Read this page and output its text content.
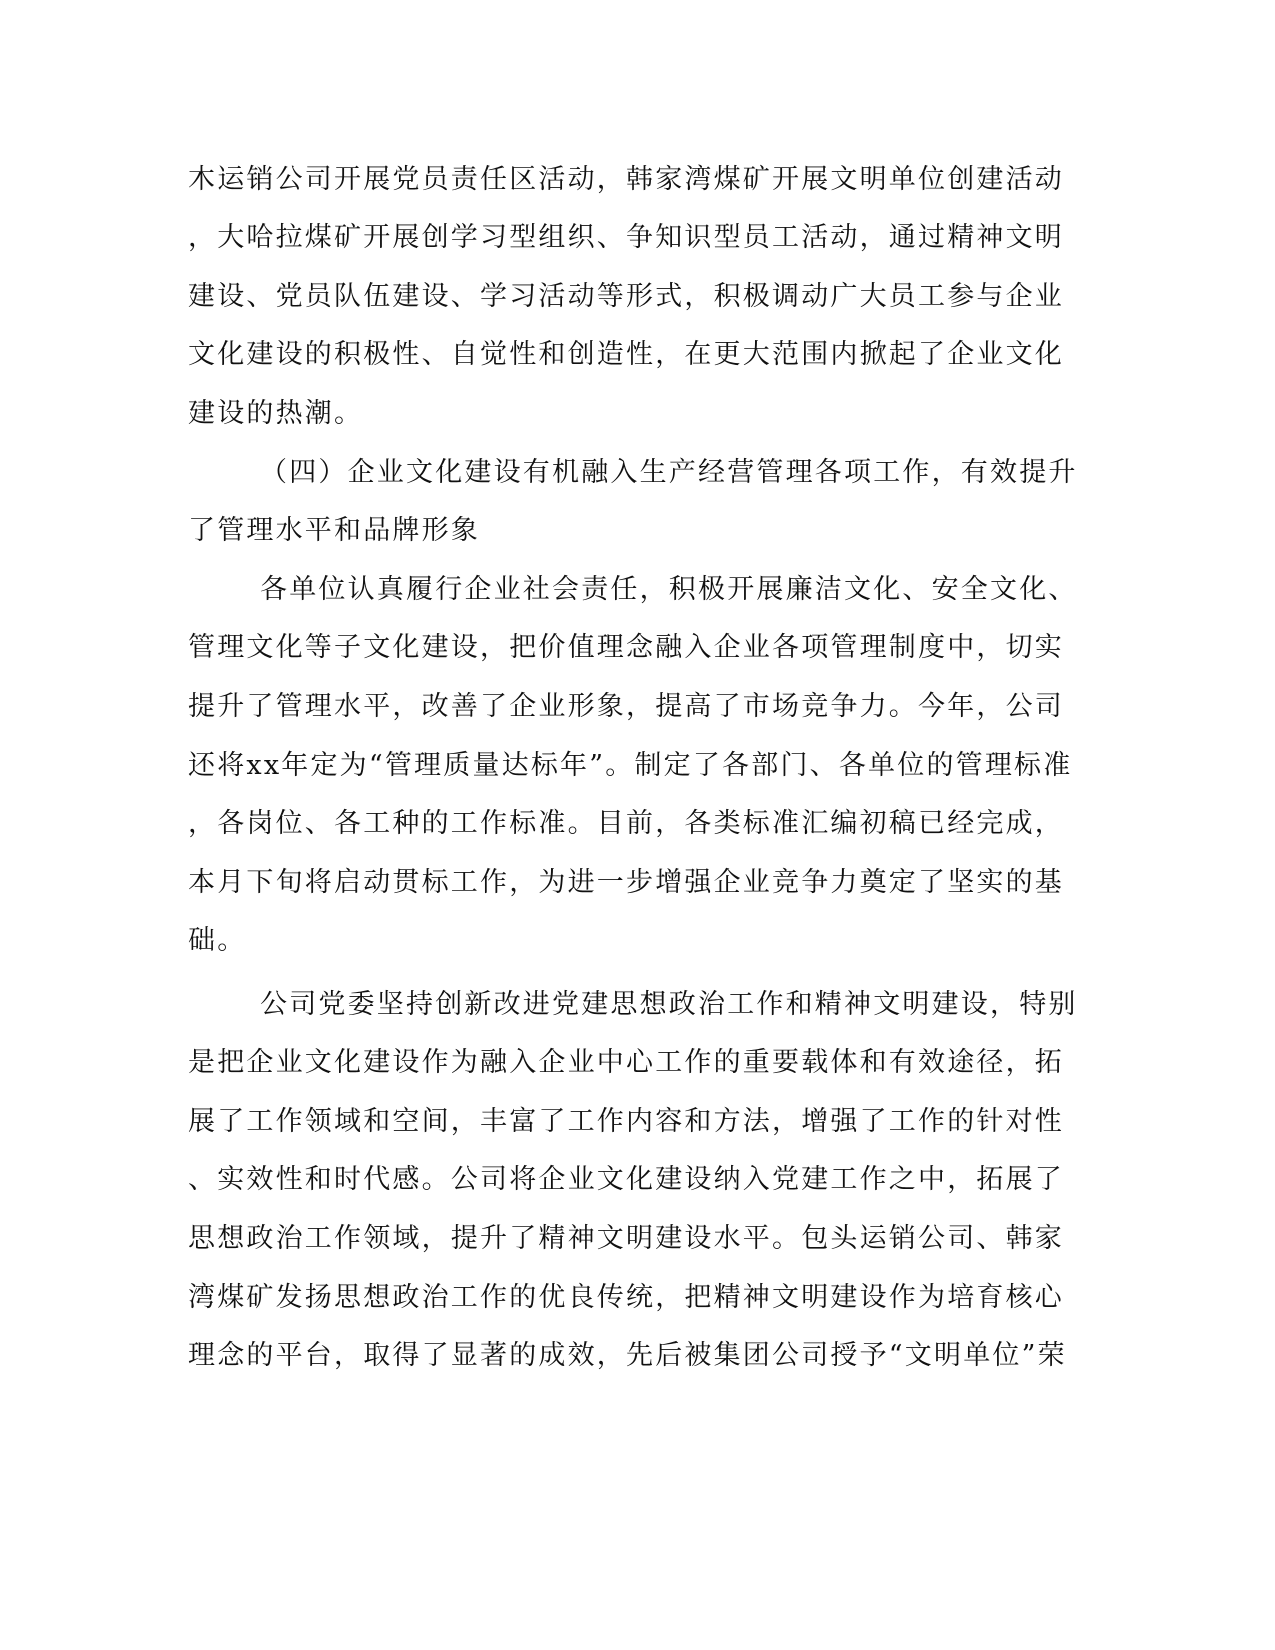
木运销公司开展党员责任区活动，韩家湾煤矿开展文明单位创建活动
，大哈拉煤矿开展创学习型组织、争知识型员工活动，通过精神文明
建设、党员队伍建设、学习活动等形式，积极调动广大员工参与企业
文化建设的积极性、自觉性和创造性，在更大范围内掀起了企业文化
建设的热潮。
（四）企业文化建设有机融入生产经营管理各项工作，有效提升
了管理水平和品牌形象
各单位认真履行企业社会责任，积极开展廉洁文化、安全文化、
管理文化等子文化建设，把价值理念融入企业各项管理制度中，切实
提升了管理水平，改善了企业形象，提高了市场竞争力。今年，公司
还将xx年定为“管理质量达标年”。制定了各部门、各单位的管理标准
，各岗位、各工种的工作标准。目前，各类标准汇编初稿已经完成，
本月下旬将启动贯标工作，为进一步增强企业竞争力奠定了坚实的基
础。
公司党委坚持创新改进党建思想政治工作和精神文明建设，特别
是把企业文化建设作为融入企业中心工作的重要载体和有效途径，拓
展了工作领域和空间，丰富了工作内容和方法，增强了工作的针对性
、实效性和时代感。公司将企业文化建设纳入党建工作之中，拓展了
思想政治工作领域，提升了精神文明建设水平。包头运销公司、韩家
湾煤矿发扬思想政治工作的优良传统，把精神文明建设作为培育核心
理念的平台，取得了显著的成效，先后被集团公司授予“文明单位”荣
